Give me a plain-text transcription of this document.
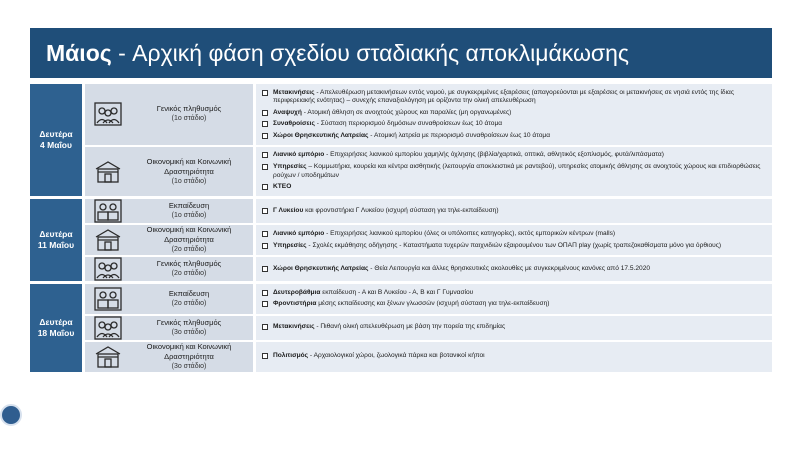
Μάιος - Αρχική φάση σχεδίου σταδιακής αποκλιμάκωσης
Δευτέρα
4 Μαΐου
Γενικός πληθυσμός
(1ο στάδιο)
Μετακινήσεις - Απελευθέρωση μετακινήσεων εντός νομού, με συγκεκριμένες εξαιρέσεις (απαγορεύονται με εξαιρέσεις οι μετακινήσεις σε νησιά εντός της ίδιας περιφερειακής ενότητας) – συνεχής επαναξιολόγηση με ορίζοντα την ολική απελευθέρωση
Αναψυχή - Ατομική άθληση σε ανοιχτούς χώρους και παραλίες (μη οργανωμένες)
Συναθροίσεις - Σύσταση περιορισμού δημόσιων συναθροίσεων έως 10 άτομα
Χώροι Θρησκευτικής Λατρείας - Ατομική λατρεία με περιορισμό συναθροίσεων έως 10 άτομα
Οικονομική και Κοινωνική Δραστηριότητα
(1ο στάδιο)
Λιανικό εμπόριο - Επιχειρήσεις λιανικού εμπορίου χαμηλής όχλησης (βιβλία/χαρτικά, οπτικά, αθλητικός εξοπλισμός, φυτά/λιπάσματα)
Υπηρεσίες – Κομμωτήρια, κουρεία και κέντρα αισθητικής (λειτουργία αποκλειστικά με ραντεβού), υπηρεσίες ατομικής άθλησης σε ανοιχτούς χώρους και επιδιορθώσεις ρούχων / υποδημάτων
ΚΤΕΟ
Δευτέρα
11 Μαΐου
Εκπαίδευση
(1ο στάδιο)
Γ Λυκείου και φροντιστήρια Γ Λυκείου (ισχυρή σύσταση για τηλε-εκπαίδευση)
Οικονομική και Κοινωνική Δραστηριότητα
(2ο στάδιο)
Λιανικό εμπόριο - Επιχειρήσεις λιανικού εμπορίου (όλες οι υπόλοιπες κατηγορίες), εκτός εμπορικών κέντρων (malls)
Υπηρεσίες - Σχολές εκμάθησης οδήγησης - Καταστήματα τυχερών παιχνιδιών εξαιρουμένου των ΟΠΑΠ play (χωρίς τραπεζοκαθίσματα μόνο για όρθιους)
Γενικός πληθυσμός
(2ο στάδιο)
Χώροι Θρησκευτικής Λατρείας - Θεία Λειτουργία και άλλες θρησκευτικές ακολουθίες με συγκεκριμένους κανόνες από 17.5.2020
Δευτέρα
18 Μαΐου
Εκπαίδευση
(2ο στάδιο)
Δευτεροβάθμια εκπαίδευση - Α και Β Λυκείου - Α, Β και Γ Γυμνασίου
Φροντιστήρια μέσης εκπαίδευσης και ξένων γλωσσών (ισχυρή σύσταση για τηλε-εκπαίδευση)
Γενικός πληθυσμός
(3ο στάδιο)
Μετακινήσεις - Πιθανή ολική απελευθέρωση με βάση την πορεία της επιδημίας
Οικονομική και Κοινωνική Δραστηριότητα
(3ο στάδιο)
Πολιτισμός - Αρχαιολογικοί χώροι, ζωολογικά πάρκα και βοτανικοί κήποι
